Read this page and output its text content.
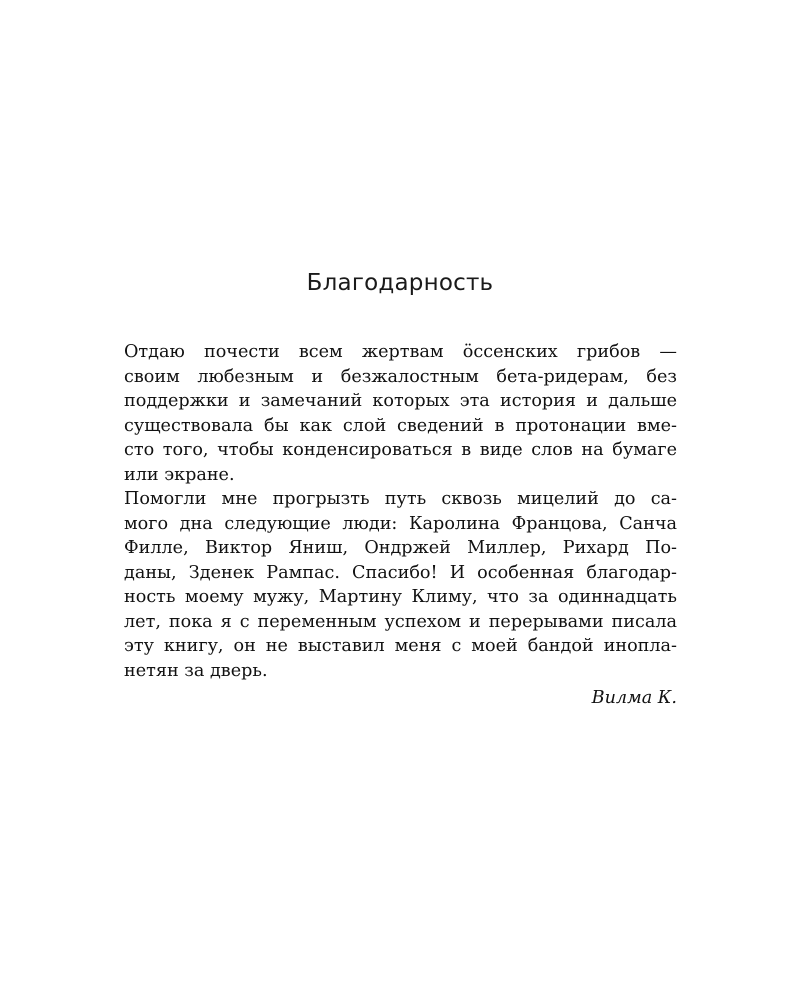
Благодарность
Отдаю почести всем жертвам öссенских грибов —
своим любезным и безжалостным бета-ридерам, без
поддержки и замечаний которых эта история и дальше
существовала бы как слой сведений в протонации вме-
сто того, чтобы конденсироваться в виде слов на бумаге
или экране.
Помогли мне прогрызть путь сквозь мицелий до са-
мого дна следующие люди: Каролина Францова, Санча
Филле, Виктор Яниш, Ондржей Миллер, Рихард По-
даны, Зденек Рампас. Спасибо! И особенная благодар-
ность моему мужу, Мартину Климу, что за одиннадцать
лет, пока я с переменным успехом и перерывами писала
эту книгу, он не выставил меня с моей бандой инопла-
нетян за дверь.
Вилма К.
